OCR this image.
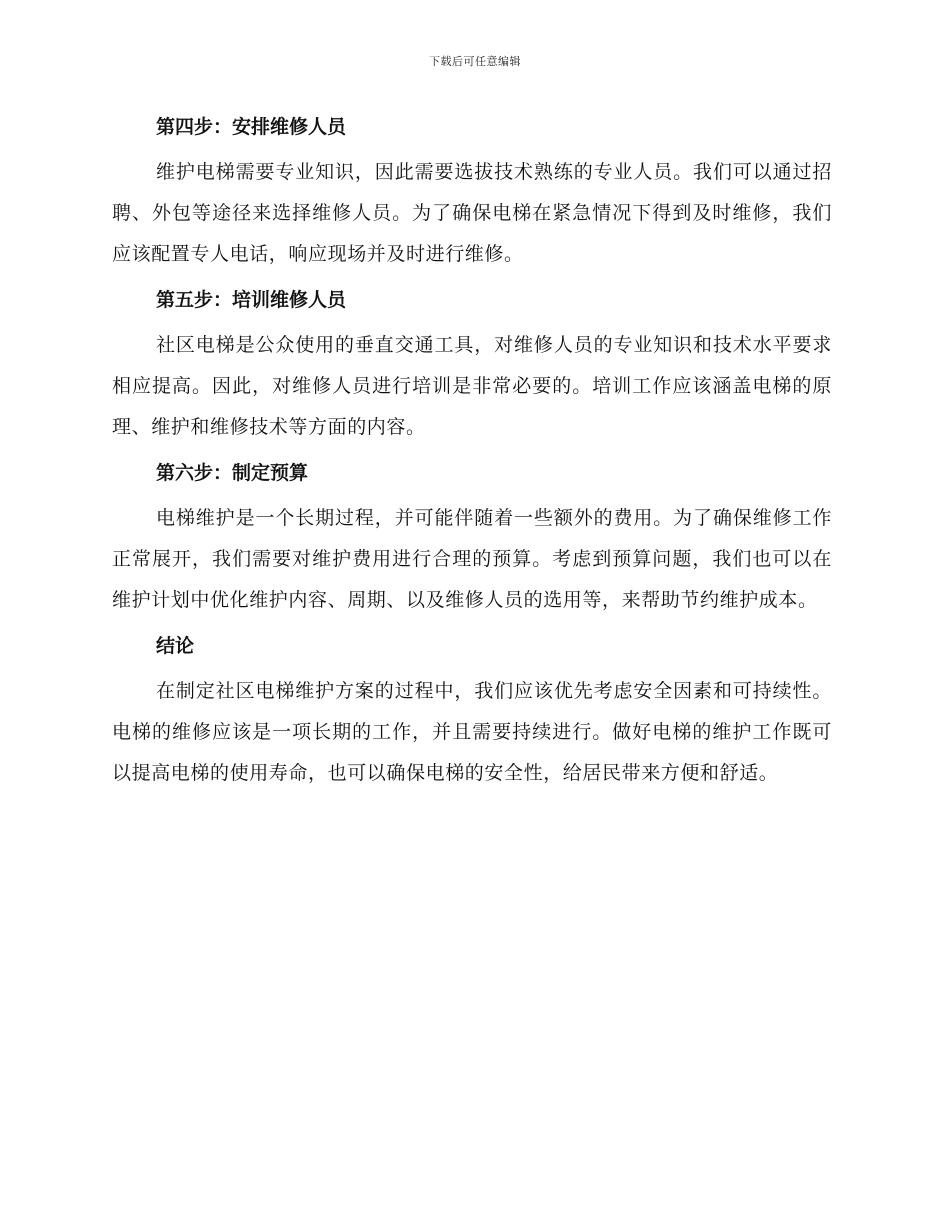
下载后可任意编辑
第四步：安排维修人员

维护电梯需要专业知识，因此需要选拔技术熟练的专业人员。我们可以通过招聘、外包等途径来选择维修人员。为了确保电梯在紧急情况下得到及时维修，我们应该配置专人电话，响应现场并及时进行维修。

第五步：培训维修人员

社区电梯是公众使用的垂直交通工具，对维修人员的专业知识和技术水平要求相应提高。因此，对维修人员进行培训是非常必要的。培训工作应该涵盖电梯的原理、维护和维修技术等方面的内容。

第六步：制定预算

电梯维护是一个长期过程，并可能伴随着一些额外的费用。为了确保维修工作正常展开，我们需要对维护费用进行合理的预算。考虑到预算问题，我们也可以在维护计划中优化维护内容、周期、以及维修人员的选用等，来帮助节约维护成本。

结论

在制定社区电梯维护方案的过程中，我们应该优先考虑安全因素和可持续性。电梯的维修应该是一项长期的工作，并且需要持续进行。做好电梯的维护工作既可以提高电梯的使用寿命，也可以确保电梯的安全性，给居民带来方便和舒适。
